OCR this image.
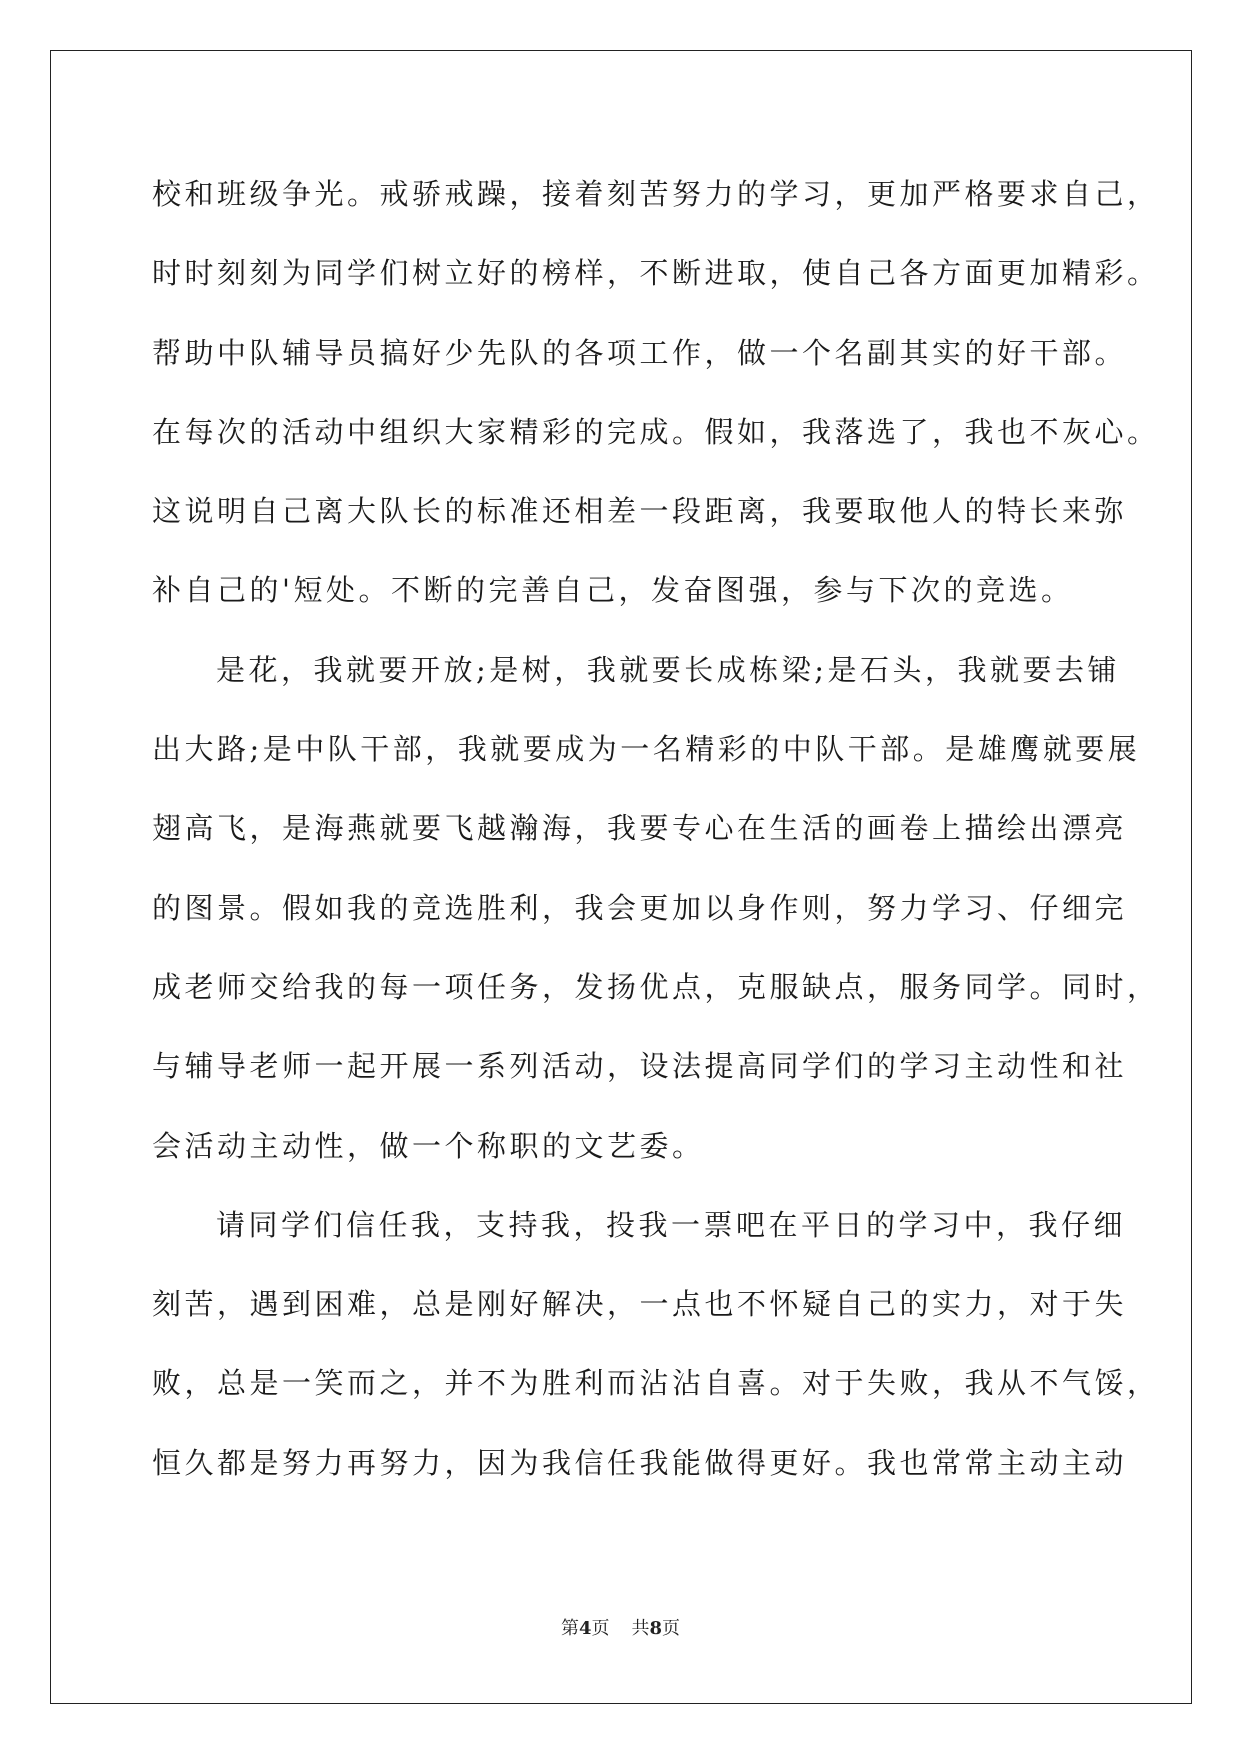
校和班级争光。戒骄戒躁，接着刻苦努力的学习，更加严格要求自己，

时时刻刻为同学们树立好的榜样，不断进取，使自己各方面更加精彩。

帮助中队辅导员搞好少先队的各项工作，做一个名副其实的好干部。

在每次的活动中组织大家精彩的完成。假如，我落选了，我也不灰心。

这说明自己离大队长的标准还相差一段距离，我要取他人的特长来弥

补自己的'短处。不断的完善自己，发奋图强，参与下次的竞选。

是花，我就要开放;是树，我就要长成栋梁;是石头，我就要去铺

出大路;是中队干部，我就要成为一名精彩的中队干部。是雄鹰就要展

翅高飞，是海燕就要飞越瀚海，我要专心在生活的画卷上描绘出漂亮

的图景。假如我的竞选胜利，我会更加以身作则，努力学习、仔细完

成老师交给我的每一项任务，发扬优点，克服缺点，服务同学。同时，

与辅导老师一起开展一系列活动，设法提高同学们的学习主动性和社

会活动主动性，做一个称职的文艺委。

请同学们信任我，支持我，投我一票吧在平日的学习中，我仔细

刻苦，遇到困难，总是刚好解决，一点也不怀疑自己的实力，对于失

败，总是一笑而之，并不为胜利而沾沾自喜。对于失败，我从不气馁，

恒久都是努力再努力，因为我信任我能做得更好。我也常常主动主动

第4页 共8页
